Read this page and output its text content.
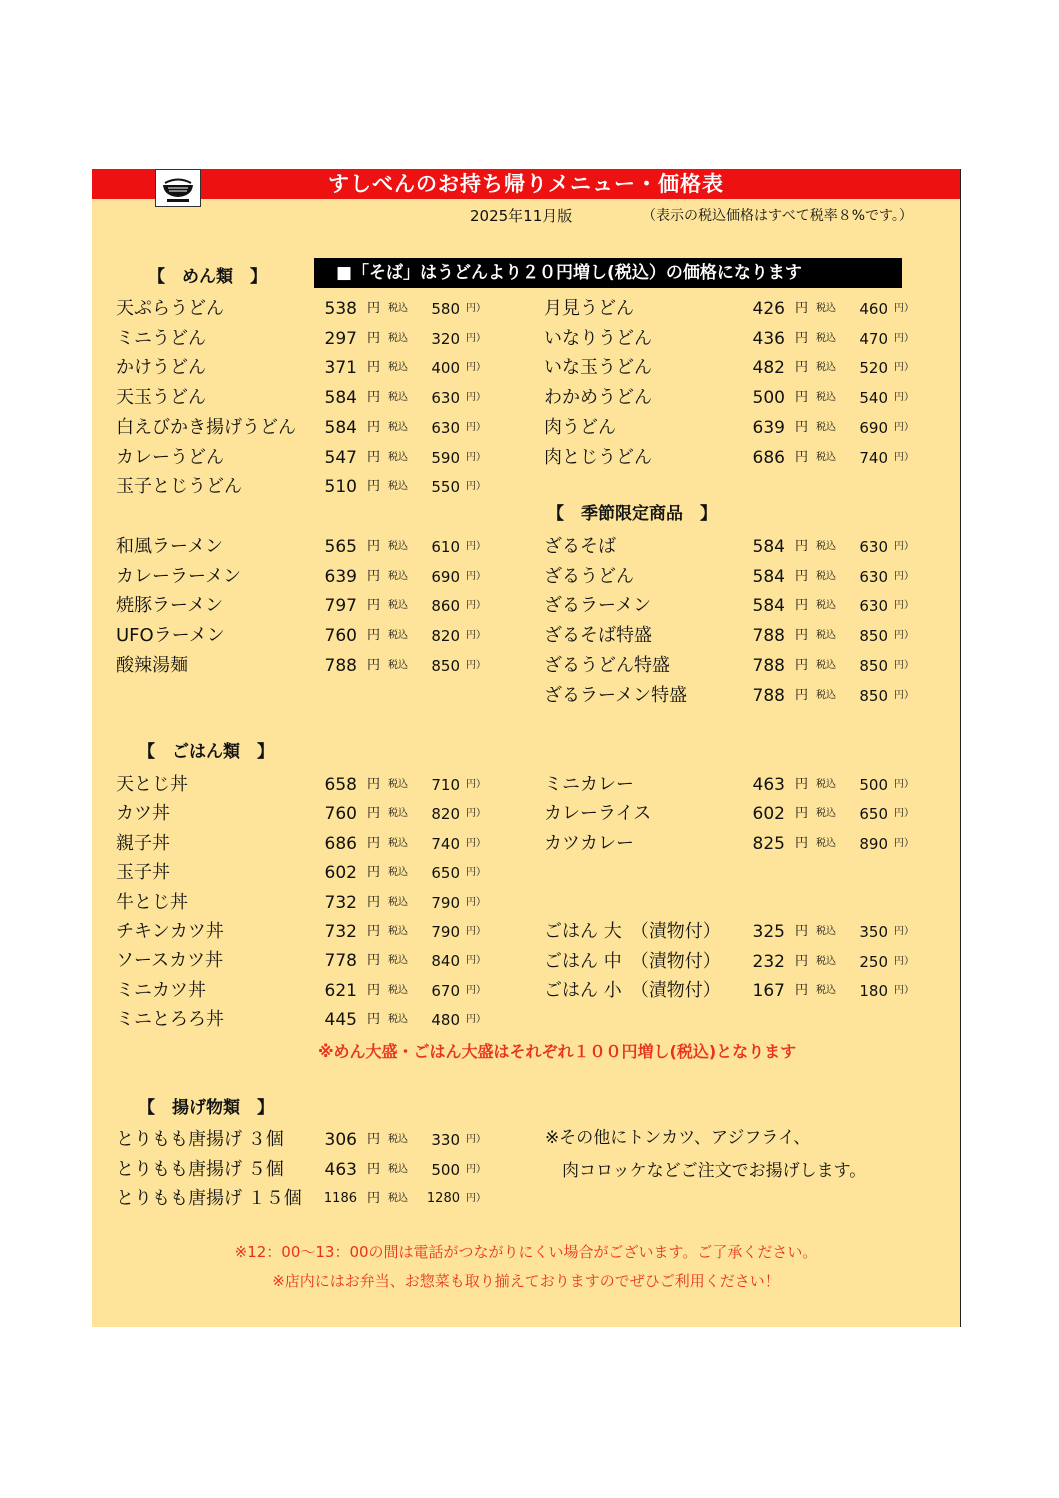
すしべんのお持ち帰りメニュー・価格表
2025年11月版	（表示の税込価格はすべて税率８%です。）
【　めん類　】	■「そば」はうどんより２０円増し(税込）の価格になります
【　季節限定商品　】
【　ごはん類　】
【　揚げ物類　】
天ぷらうどん	538 円 税込	580 円）
ミニうどん	297 円 税込	320 円）
かけうどん	371 円 税込	400 円）
天玉うどん	584 円 税込	630 円）
白えびかき揚げうどん 584 円 税込	630 円）
カレーうどん	547 円 税込	590 円）
玉子とじうどん	510 円 税込	550 円）
月見うどん	426 円 税込	460 円）
いなりうどん	436 円 税込	470 円）
いな玉うどん	482 円 税込	520 円）
わかめうどん	500 円 税込	540 円）
肉うどん	639 円 税込	690 円）
肉とじうどん	686 円 税込	740 円）
和風ラーメン	565 円 税込	610 円）
カレーラーメン	639 円 税込	690 円）
焼豚ラーメン	797 円 税込	860 円）
UFOラーメン	760 円 税込	820 円）
酸辣湯麺	788 円 税込	850 円）
ざるそば	584 円 税込	630 円）
ざるうどん	584 円 税込	630 円）
ざるラーメン	584 円 税込	630 円）
ざるそば特盛	788 円 税込	850 円）
ざるうどん特盛	788 円 税込	850 円）
ざるラーメン特盛	788 円 税込	850 円）
天とじ丼	658 円 税込	710 円）
カツ丼	760 円 税込	820 円）
親子丼	686 円 税込	740 円）
玉子丼	602 円 税込	650 円）
牛とじ丼	732 円 税込	790 円）
チキンカツ丼	732 円 税込	790 円）
ソースカツ丼	778 円 税込	840 円）
ミニカツ丼	621 円 税込	670 円）
ミニとろろ丼	445 円 税込	480 円）
ミニカレー	463 円 税込	500 円）
カレーライス	602 円 税込	650 円）
カツカレー	825 円 税込	890 円）
ごはん 大　（漬物付） 325 円 税込	350 円）
ごはん 中　（漬物付） 232 円 税込	250 円）
ごはん 小　（漬物付） 167 円 税込	180 円）
とりもも唐揚げ ３個 306 円 税込	330 円）
とりもも唐揚げ ５個 463 円 税込	500 円）
とりもも唐揚げ １５個 1186 円 税込	1280 円）
※めん大盛・ごはん大盛はそれぞれ１００円増し(税込)となります
※その他にトンカツ、アジフライ、
肉コロッケなどご注文でお揚げします。
※12：00～13：00の間は電話がつながりにくい場合がございます。ご了承ください。
※店内にはお弁当、お惣菜も取り揃えておりますのでぜひご利用ください！
